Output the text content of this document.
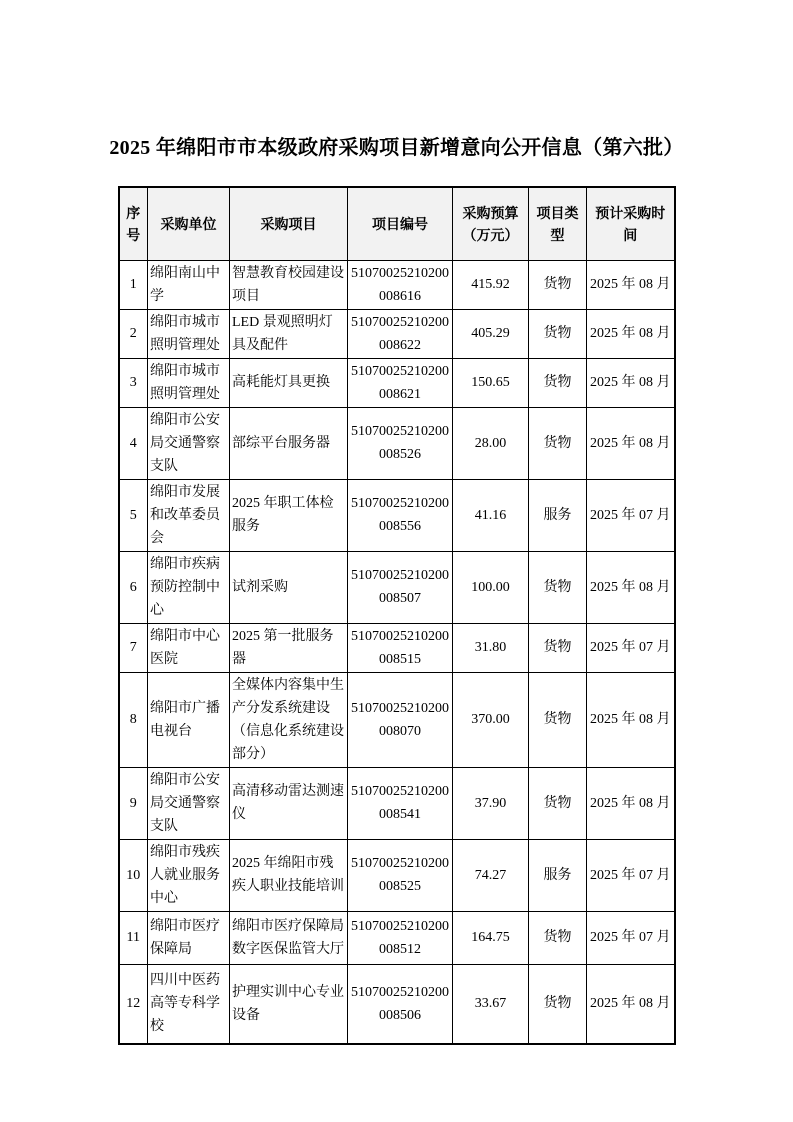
2025 年绵阳市市本级政府采购项目新增意向公开信息（第六批）
序号	采购单位	采购项目	项目编号	采购预算（万元）	项目类型	预计采购时间
1	绵阳南山中学	智慧教育校园建设项目	51070025210200008616	415.92	货物	2025 年 08 月
2	绵阳市城市照明管理处	LED 景观照明灯具及配件	51070025210200008622	405.29	货物	2025 年 08 月
3	绵阳市城市照明管理处	高耗能灯具更换	51070025210200008621	150.65	货物	2025 年 08 月
4	绵阳市公安局交通警察支队	部综平台服务器	51070025210200008526	28.00	货物	2025 年 08 月
5	绵阳市发展和改革委员会	2025 年职工体检服务	51070025210200008556	41.16	服务	2025 年 07 月
6	绵阳市疾病预防控制中心	试剂采购	51070025210200008507	100.00	货物	2025 年 08 月
7	绵阳市中心医院	2025 第一批服务器	51070025210200008515	31.80	货物	2025 年 07 月
8	绵阳市广播电视台	全媒体内容集中生产分发系统建设（信息化系统建设部分）	51070025210200008070	370.00	货物	2025 年 08 月
9	绵阳市公安局交通警察支队	高清移动雷达测速仪	51070025210200008541	37.90	货物	2025 年 08 月
10	绵阳市残疾人就业服务中心	2025 年绵阳市残疾人职业技能培训	51070025210200008525	74.27	服务	2025 年 07 月
11	绵阳市医疗保障局	绵阳市医疗保障局数字医保监管大厅	51070025210200008512	164.75	货物	2025 年 07 月
12	四川中医药高等专科学校	护理实训中心专业设备	51070025210200008506	33.67	货物	2025 年 08 月
